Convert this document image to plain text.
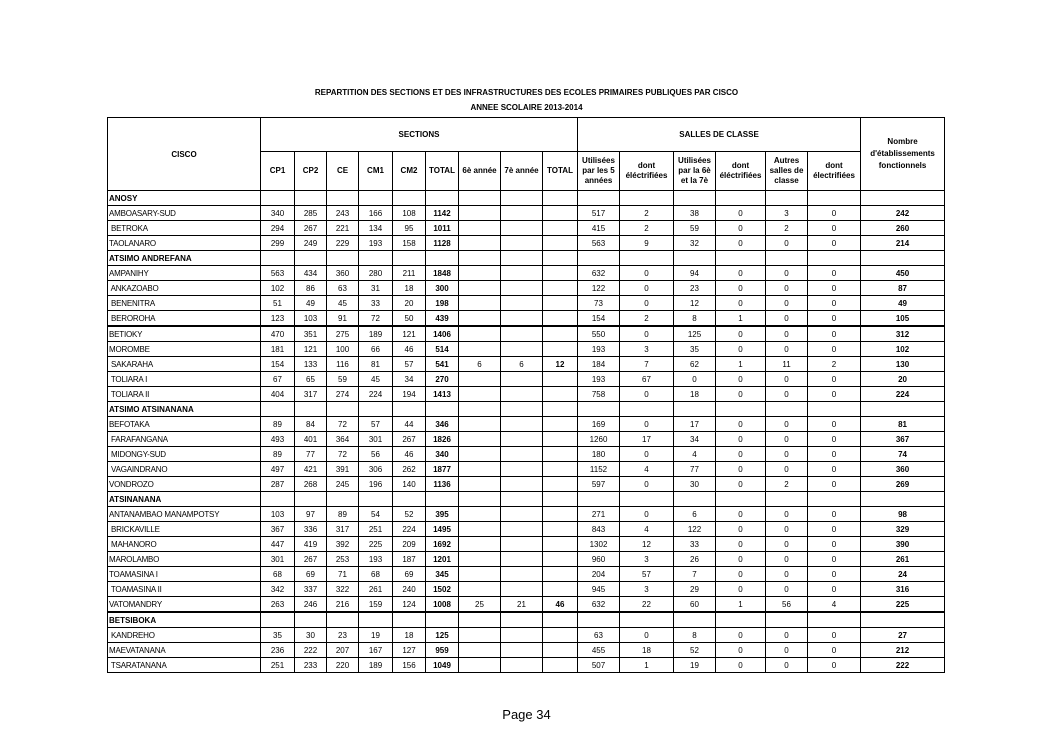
REPARTITION DES SECTIONS ET DES INFRASTRUCTURES DES ECOLES PRIMAIRES PUBLIQUES PAR CISCO
ANNEE SCOLAIRE 2013-2014
CISCO	SECTIONS									SALLES DE CLASSE						Nombre d'établissements fonctionnels
	CP1	CP2	CE	CM1	CM2	TOTAL	6è année	7è année	TOTAL	Utilisées par les 5 années	dont éléctrifiées	Utilisées par la 6è et la 7è	dont éléctrifiées	Autres salles de classe	dont électrifiées	
ANOSY																
AMBOASARY-SUD	340	285	243	166	108	1142				517	2	38	0	3	0	242
BETROKA	294	267	221	134	95	1011				415	2	59	0	2	0	260
TAOLANARO	299	249	229	193	158	1128				563	9	32	0	0	0	214
ATSIMO ANDREFANA																
AMPANIHY	563	434	360	280	211	1848				632	0	94	0	0	0	450
ANKAZOABO	102	86	63	31	18	300				122	0	23	0	0	0	87
BENENITRA	51	49	45	33	20	198				73	0	12	0	0	0	49
BEROROHA	123	103	91	72	50	439				154	2	8	1	0	0	105
BETIOKY	470	351	275	189	121	1406				550	0	125	0	0	0	312
MOROMBE	181	121	100	66	46	514				193	3	35	0	0	0	102
SAKARAHA	154	133	116	81	57	541	6	6	12	184	7	62	1	11	2	130
TOLIARA I	67	65	59	45	34	270				193	67	0	0	0	0	20
TOLIARA II	404	317	274	224	194	1413				758	0	18	0	0	0	224
ATSIMO ATSINANANA																
BEFOTAKA	89	84	72	57	44	346				169	0	17	0	0	0	81
FARAFANGANA	493	401	364	301	267	1826				1260	17	34	0	0	0	367
MIDONGY-SUD	89	77	72	56	46	340				180	0	4	0	0	0	74
VAGAINDRANO	497	421	391	306	262	1877				1152	4	77	0	0	0	360
VONDROZO	287	268	245	196	140	1136				597	0	30	0	2	0	269
ATSINANANA																
ANTANAMBAO MANAMPOTSY	103	97	89	54	52	395				271	0	6	0	0	0	98
BRICKAVILLE	367	336	317	251	224	1495				843	4	122	0	0	0	329
MAHANORO	447	419	392	225	209	1692				1302	12	33	0	0	0	390
MAROLAMBO	301	267	253	193	187	1201				960	3	26	0	0	0	261
TOAMASINA I	68	69	71	68	69	345				204	57	7	0	0	0	24
TOAMASINA II	342	337	322	261	240	1502				945	3	29	0	0	0	316
VATOMANDRY	263	246	216	159	124	1008	25	21	46	632	22	60	1	56	4	225
BETSIBOKA																
KANDREHO	35	30	23	19	18	125				63	0	8	0	0	0	27
MAEVATANANA	236	222	207	167	127	959				455	18	52	0	0	0	212
TSARATANANA	251	233	220	189	156	1049				507	1	19	0	0	0	222
Page 34
